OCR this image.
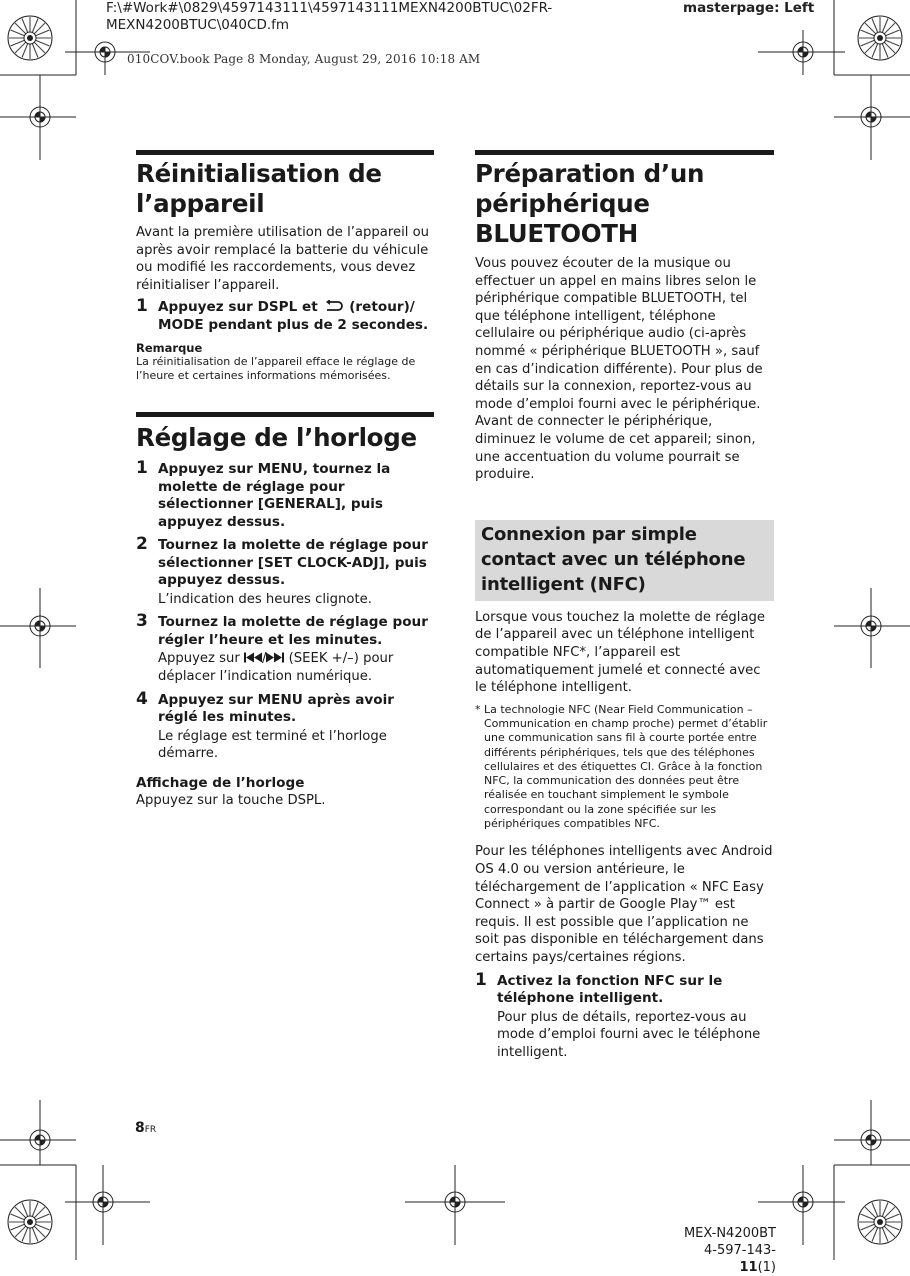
F:\#Work#\0829\4597143111\4597143111MEXN4200BTUC\02FR-MEXN4200BTUC\040CD.fm
masterpage: Left
010COV.book Page 8 Monday, August 29, 2016 10:18 AM
Réinitialisation de l’appareil

Avant la première utilisation de l’appareil ou après avoir remplacé la batterie du véhicule ou modifié les raccordements, vous devez réinitialiser l’appareil.

1 Appuyez sur DSPL et  (retour)/ MODE pendant plus de 2 secondes.
Remarque
La réinitialisation de l’appareil efface le réglage de l’heure et certaines informations mémorisées.
Réglage de l’horloge
1 Appuyez sur MENU, tournez la molette de réglage pour sélectionner [GENERAL], puis appuyez dessus.
2 Tournez la molette de réglage pour sélectionner [SET CLOCK-ADJ], puis appuyez dessus.
L’indication des heures clignote.
3 Tournez la molette de réglage pour régler l’heure et les minutes.
Appuyez sur / (SEEK +/–) pour déplacer l’indication numérique.
4 Appuyez sur MENU après avoir réglé les minutes.
Le réglage est terminé et l’horloge démarre.
Affichage de l’horloge

Appuyez sur la touche DSPL.

Préparation d’un périphérique BLUETOOTH

Vous pouvez écouter de la musique ou effectuer un appel en mains libres selon le périphérique compatible BLUETOOTH, tel que téléphone intelligent, téléphone cellulaire ou périphérique audio (ci-après nommé « périphérique BLUETOOTH », sauf en cas d’indication différente). Pour plus de détails sur la connexion, reportez-vous au mode d’emploi fourni avec le périphérique. Avant de connecter le périphérique, diminuez le volume de cet appareil; sinon, une accentuation du volume pourrait se produire.

Connexion par simple contact avec un téléphone intelligent (NFC)

Lorsque vous touchez la molette de réglage de l’appareil avec un téléphone intelligent compatible NFC*, l’appareil est automatiquement jumelé et connecté avec le téléphone intelligent.

* La technologie NFC (Near Field Communication – Communication en champ proche) permet d’établir une communication sans fil à courte portée entre différents périphériques, tels que des téléphones cellulaires et des étiquettes CI. Grâce à la fonction NFC, la communication des données peut être réalisée en touchant simplement le symbole correspondant ou la zone spécifiée sur les périphériques compatibles NFC.

Pour les téléphones intelligents avec Android OS 4.0 ou version antérieure, le téléchargement de l’application « NFC Easy Connect » à partir de Google Play™ est requis. Il est possible que l’application ne soit pas disponible en téléchargement dans certains pays/certaines régions.

1 Activez la fonction NFC sur le téléphone intelligent.
Pour plus de détails, reportez-vous au mode d’emploi fourni avec le téléphone intelligent.
8FR
MEX-N4200BT
4-597-143-11(1)
